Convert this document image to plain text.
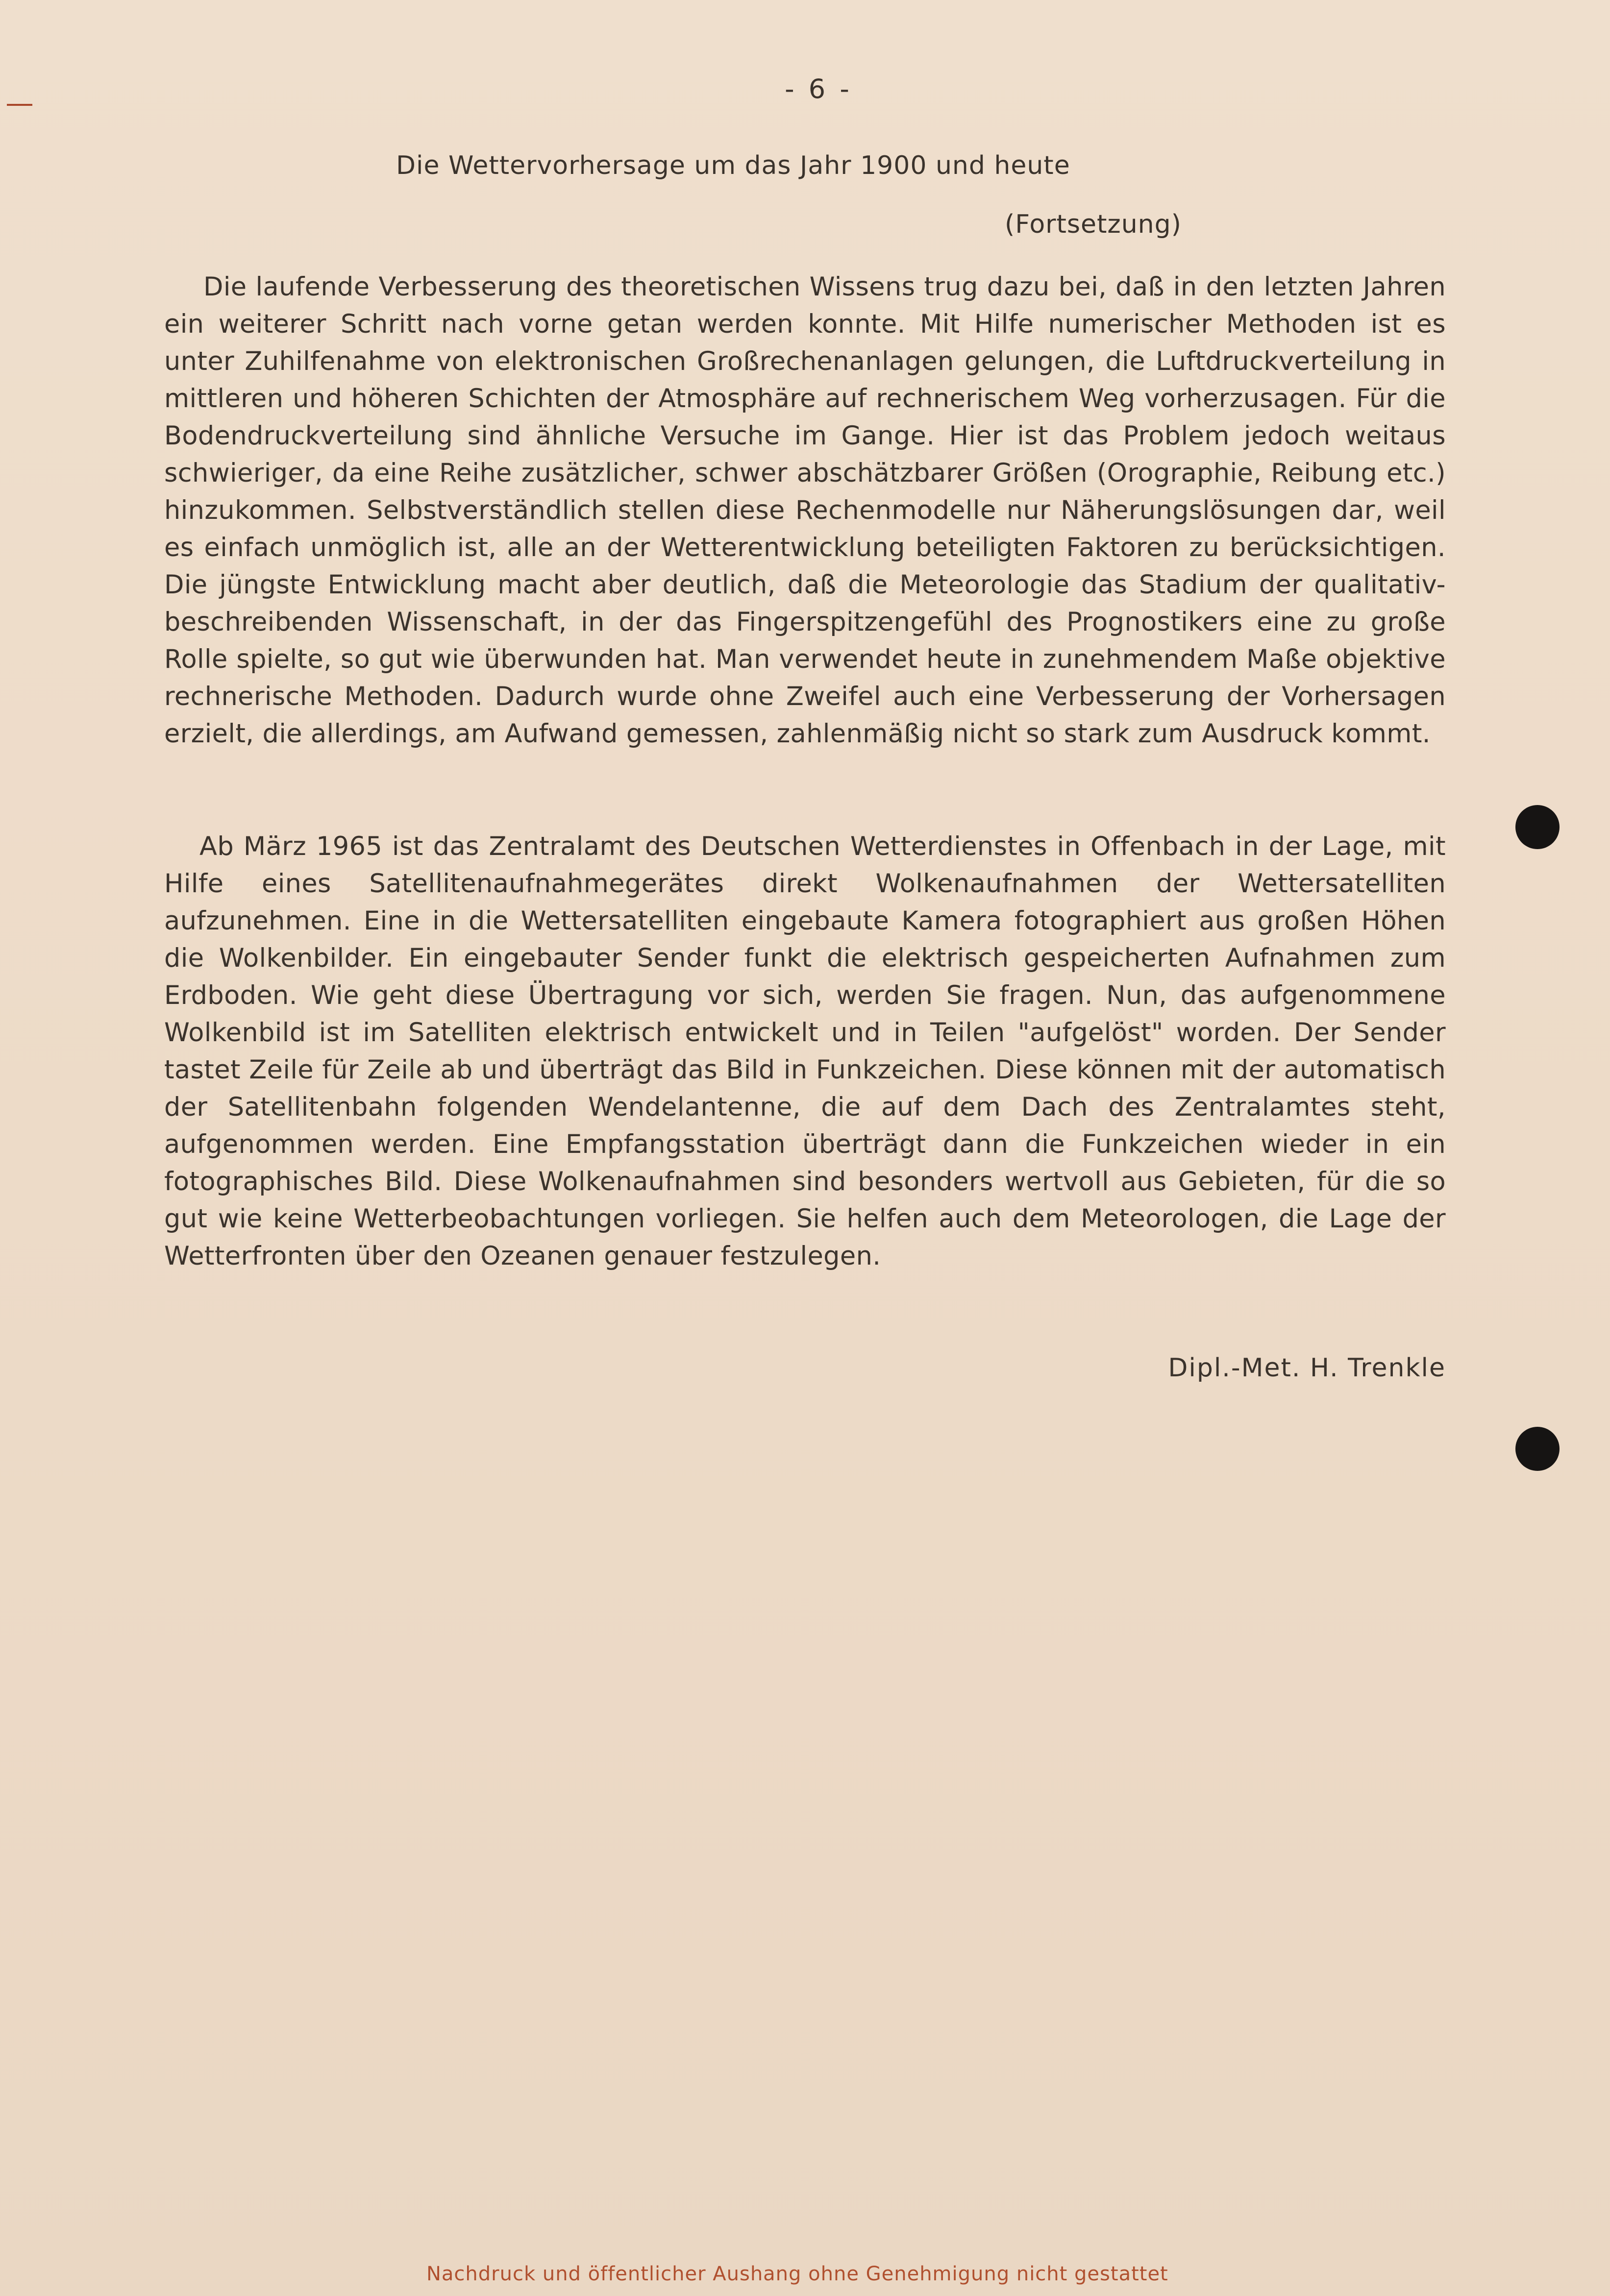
- 6 -
Die Wettervorhersage um das Jahr 1900 und heute
(Fortsetzung)

Die laufende Verbesserung des theoretischen Wissens trug dazu bei, daß in den letzten Jahren ein weiterer Schritt nach vorne getan werden konnte. Mit Hilfe numerischer Methoden ist es unter Zuhilfenahme von elektronischen Großrechenanlagen gelungen, die Luftdruckverteilung in mittleren und höheren Schichten der Atmosphäre auf rechnerischem Weg vorherzusagen. Für die Bodendruckverteilung sind ähnliche Versuche im Gange. Hier ist das Problem jedoch weitaus schwieriger, da eine Reihe zusätzlicher, schwer abschätzbarer Größen (Orographie, Reibung etc.) hinzukommen. Selbstverständlich stellen diese Rechenmodelle nur Näherungslösungen dar, weil es einfach unmöglich ist, alle an der Wetterentwicklung beteiligten Faktoren zu berücksichtigen. Die jüngste Entwicklung macht aber deutlich, daß die Meteorologie das Stadium der qualitativ-beschreibenden Wissenschaft, in der das Fingerspitzengefühl des Prognostikers eine zu große Rolle spielte, so gut wie überwunden hat. Man verwendet heute in zunehmendem Maße objektive rechnerische Methoden. Dadurch wurde ohne Zweifel auch eine Verbesserung der Vorhersagen erzielt, die allerdings, am Aufwand gemessen, zahlenmäßig nicht so stark zum Ausdruck kommt.

Ab März 1965 ist das Zentralamt des Deutschen Wetterdienstes in Offenbach in der Lage, mit Hilfe eines Satellitenaufnahmegerätes direkt Wolkenaufnahmen der Wettersatelliten aufzunehmen. Eine in die Wettersatelliten eingebaute Kamera fotographiert aus großen Höhen die Wolkenbilder. Ein eingebauter Sender funkt die elektrisch gespeicherten Aufnahmen zum Erdboden. Wie geht diese Übertragung vor sich, werden Sie fragen. Nun, das aufgenommene Wolkenbild ist im Satelliten elektrisch entwickelt und in Teilen "aufgelöst" worden. Der Sender tastet Zeile für Zeile ab und überträgt das Bild in Funkzeichen. Diese können mit der automatisch der Satellitenbahn folgenden Wendelantenne, die auf dem Dach des Zentralamtes steht, aufgenommen werden. Eine Empfangsstation überträgt dann die Funkzeichen wieder in ein fotographisches Bild. Diese Wolkenaufnahmen sind besonders wertvoll aus Gebieten, für die so gut wie keine Wetterbeobachtungen vorliegen. Sie helfen auch dem Meteorologen, die Lage der Wetterfronten über den Ozeanen genauer festzulegen.

Dipl.-Met. H. Trenkle
Nachdruck und öffentlicher Aushang ohne Genehmigung nicht gestattet
